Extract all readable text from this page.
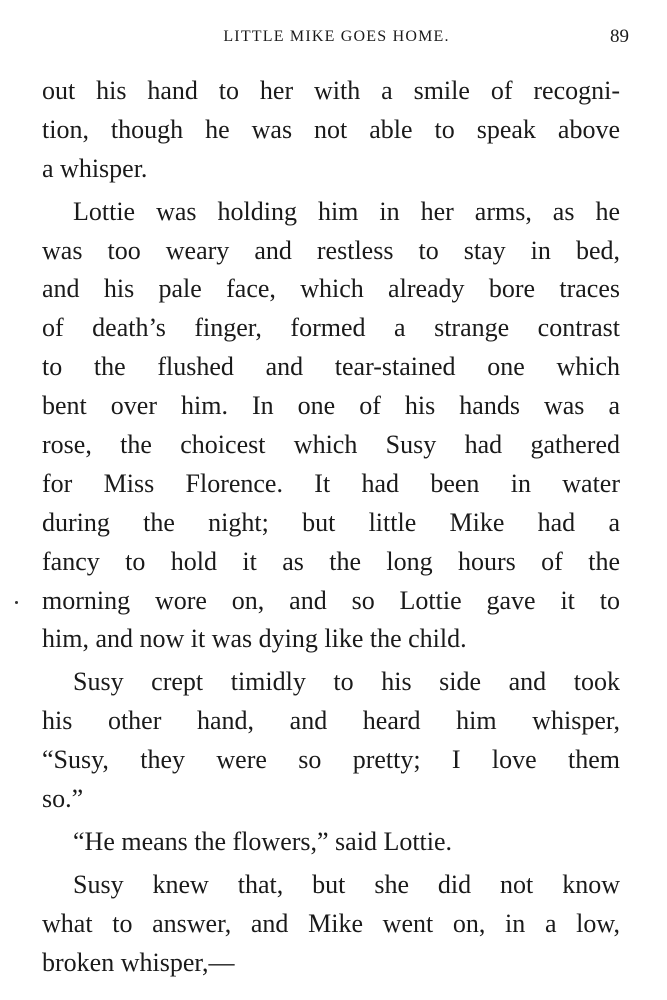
LITTLE MIKE GOES HOME.	89
out his hand to her with a smile of recogni-
tion, though he was not able to speak above
a whisper.
Lottie was holding him in her arms, as he
was too weary and restless to stay in bed,
and his pale face, which already bore traces
of death’s finger, formed a strange contrast
to the flushed and tear-stained one which
bent over him. In one of his hands was a
rose, the choicest which Susy had gathered
for Miss Florence. It had been in water
during the night; but little Mike had a
fancy to hold it as the long hours of the
morning wore on, and so Lottie gave it to
him, and now it was dying like the child.
Susy crept timidly to his side and took
his other hand, and heard him whisper,
“Susy, they were so pretty; I love them
so.”
“He means the flowers,” said Lottie.
Susy knew that, but she did not know
what to answer, and Mike went on, in a low,
broken whisper,—
